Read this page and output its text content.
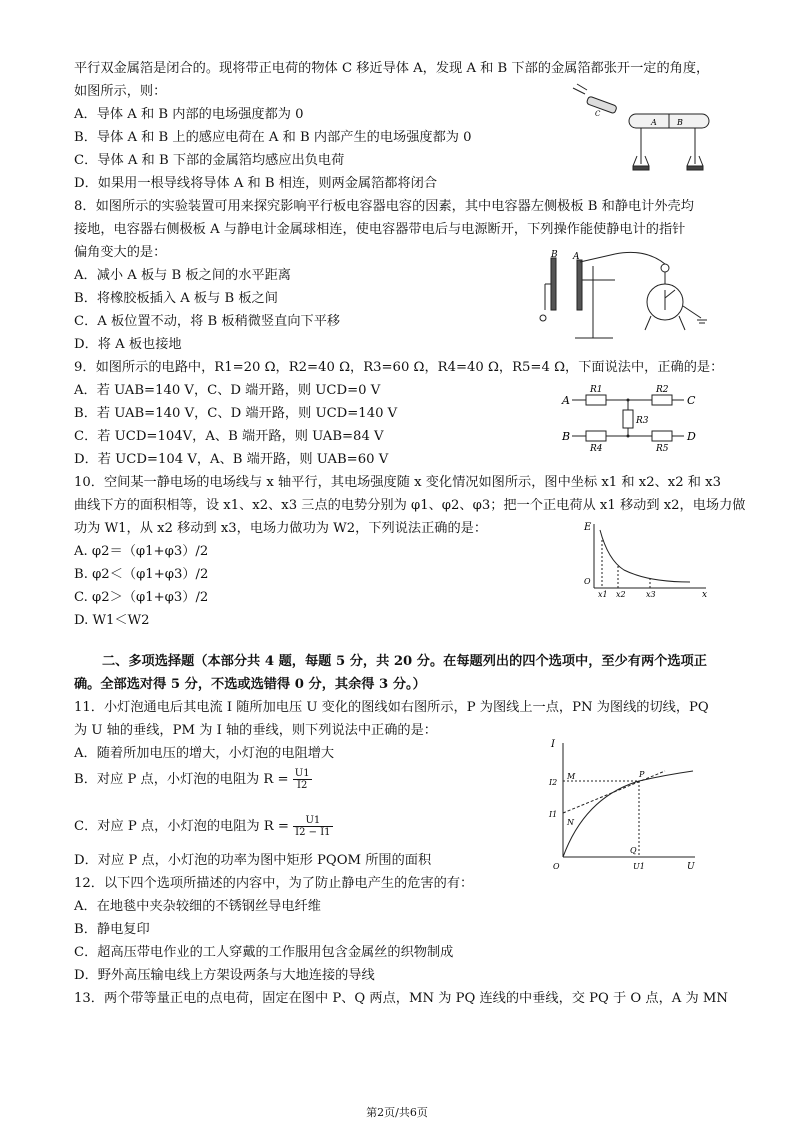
平行双金属箔是闭合的。现将带正电荷的物体 C 移近导体 A，发现 A 和 B 下部的金属箔都张开一定的角度，
如图所示，则：
A．导体 A 和 B 内部的电场强度都为 0
B．导体 A 和 B 上的感应电荷在 A 和 B 内部产生的电场强度都为 0
C．导体 A 和 B 下部的金属箔均感应出负电荷
D．如果用一根导线将导体 A 和 B 相连，则两金属箔都将闭合
A	B
C
8．如图所示的实验装置可用来探究影响平行板电容器电容的因素，其中电容器左侧极板 B 和静电计外壳均
接地，电容器右侧极板 A 与静电计金属球相连，使电容器带电后与电源断开，下列操作能使静电计的指针
偏角变大的是：
A．减小 A 板与 B 板之间的水平距离
B．将橡胶板插入 A 板与 B 板之间
C．A 板位置不动，将 B 板稍微竖直向下平移
D．将 A 板也接地
B A
9．如图所示的电路中，R1=20 Ω，R2=40 Ω，R3=60 Ω，R4=40 Ω，R5=4 Ω，下面说法中，正确的是：
A．若 UAB=140 V，C、D 端开路，则 UCD=0 V
B．若 UAB=140 V，C、D 端开路，则 UCD=140 V
C．若 UCD=104V，A、B 端开路，则 UAB=84 V
D．若 UCD=104 V，A、B 端开路，则 UAB=60 V
A
B
C
D
R1	R2
R3
R4	R5
10．空间某一静电场的电场线与 x 轴平行，其电场强度随 x 变化情况如图所示，图中坐标 x1 和 x2、x2 和 x3
曲线下方的面积相等，设 x1、x2、x3 三点的电势分别为 φ1、φ2、φ3；把一个正电荷从 x1 移动到 x2，电场力做
功为 W1，从 x2 移动到 x3，电场力做功为 W2，下列说法正确的是：
A. φ2＝（φ1+φ3）/2
B. φ2＜（φ1+φ3）/2
C. φ2＞（φ1+φ3）/2
D. W1＜W2
E
O
x1 x2	x3	x
二、多项选择题（本部分共 4 题，每题 5 分，共 20 分。在每题列出的四个选项中，至少有两个选项正
确。全部选对得 5 分，不选或选错得 0 分，其余得 3 分。）
11．小灯泡通电后其电流 I 随所加电压 U 变化的图线如右图所示，P 为图线上一点，PN 为图线的切线，PQ
为 U 轴的垂线，PM 为 I 轴的垂线，则下列说法中正确的是：
A．随着所加电压的增大，小灯泡的电阻增大
B．对应 P 点，小灯泡的电阻为 $R = \frac{U1}{I2}$
C．对应 P 点，小灯泡的电阻为 $R = \frac{U1}{I2 - I1}$
D．对应 P 点，小灯泡的功率为图中矩形 PQOM 所围的面积
I
I2
I1
M
N
P
Q
O	U1	U
12．以下四个选项所描述的内容中，为了防止静电产生的危害的有：
A．在地毯中夹杂较细的不锈钢丝导电纤维
B．静电复印
C．超高压带电作业的工人穿戴的工作服用包含金属丝的织物制成
D．野外高压输电线上方架设两条与大地连接的导线
13．两个带等量正电的点电荷，固定在图中 P、Q 两点，MN 为 PQ 连线的中垂线，交 PQ 于 O 点，A 为 MN
第2页/共6页
